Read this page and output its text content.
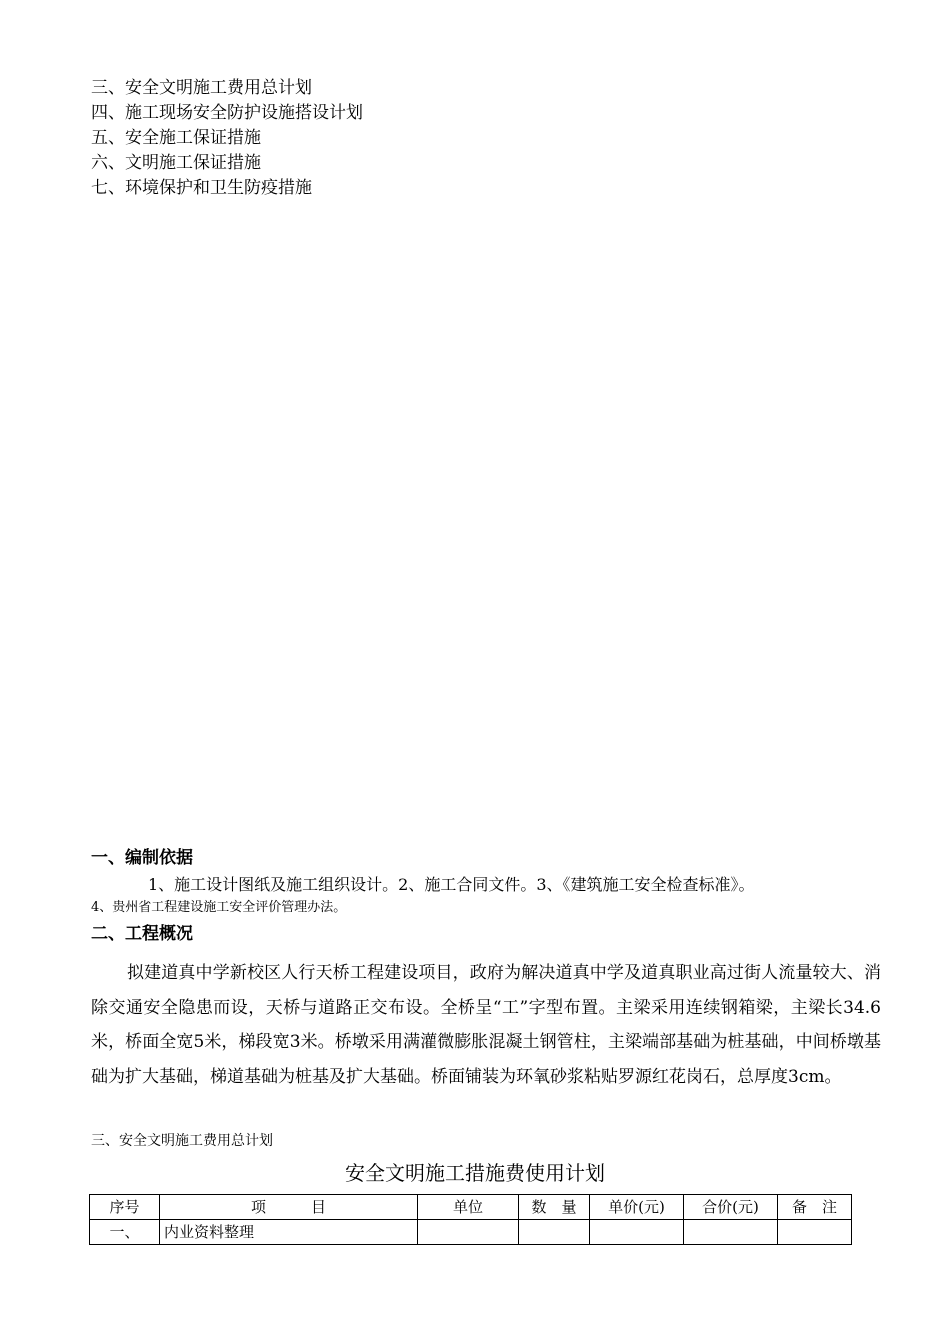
三、安全文明施工费用总计划
四、施工现场安全防护设施搭设计划
五、安全施工保证措施
六、文明施工保证措施
七、环境保护和卫生防疫措施
一、编制依据
1、施工设计图纸及施工组织设计。2、施工合同文件。3、《建筑施工安全检查标准》。
4、贵州省工程建设施工安全评价管理办法。
二、工程概况

拟建道真中学新校区人行天桥工程建设项目，政府为解决道真中学及道真职业高过街人流量较大、消除交通安全隐患而设，天桥与道路正交布设。全桥呈“工”字型布置。主梁采用连续钢箱梁，主梁长34.6米，桥面全宽5米，梯段宽3米。桥墩采用满灌微膨胀混凝土钢管柱，主梁端部基础为桩基础，中间桥墩基础为扩大基础，梯道基础为桩基及扩大基础。桥面铺装为环氧砂浆粘贴罗源红花岗石，总厚度3cm。

三、安全文明施工费用总计划
安全文明施工措施费使用计划
序号	项　　　目	单位	数　量	单价(元)	合价(元)	备　注
一、	内业资料整理					
